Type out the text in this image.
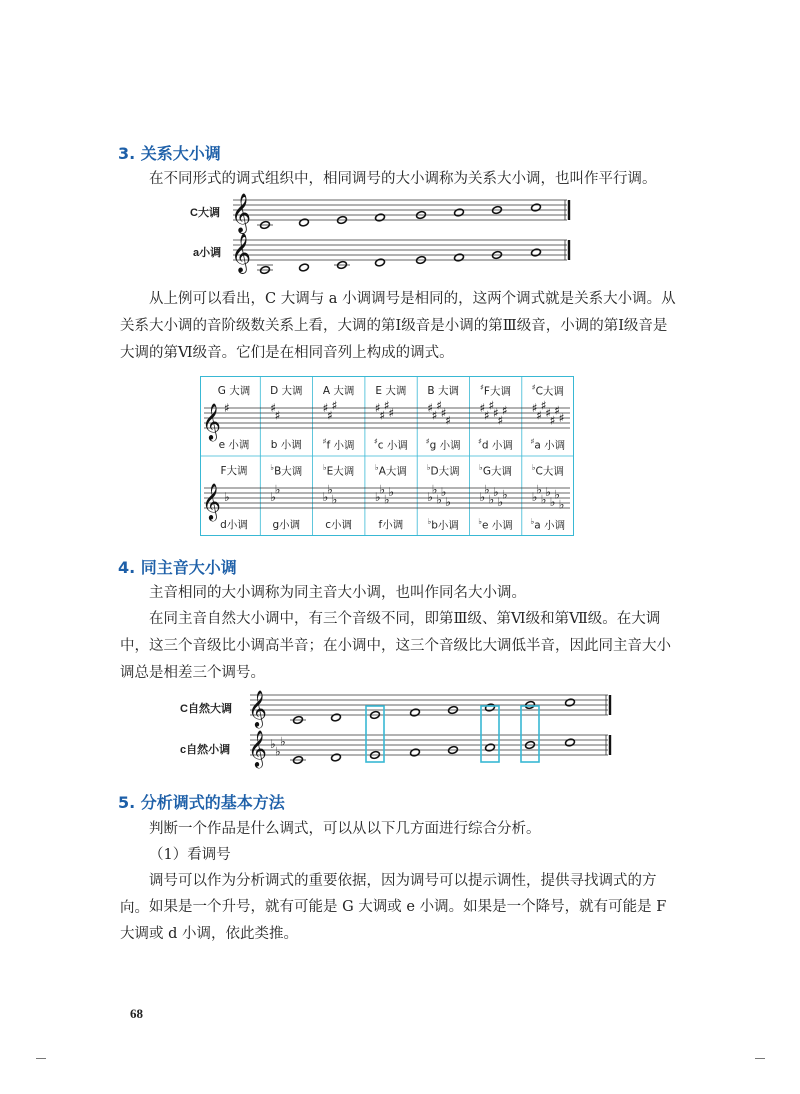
3. 关系大小调
在不同形式的调式组织中，相同调号的大小调称为关系大小调，也叫作平行调。
C大调
a小调
𝄞
𝄞
从上例可以看出，C 大调与 a 小调调号是相同的，这两个调式就是关系大小调。从关系大小调的音阶级数关系上看，大调的第Ⅰ级音是小调的第Ⅲ级音，小调的第Ⅰ级音是大调的第Ⅵ级音。它们是在相同音列上构成的调式。
𝄞
𝄞
♯
♭
♯
♭
♯
♭
♯
♭
♯
♭
♯
♭
♯
♭
♯
♭
♯
♭
♯
♭
♯
♭
♯
♭
♯
♭
♯
♭
♯
♭
♯
♭
♯
♭
♯
♭
♯
♭
♯
♭
♯
♭
♯
♭
♯
♭
♯
♭
♯
♭
♯
♭
♯
♭
♯
♭
G 大调	D 大调	A 大调	E 大调	B 大调	♯F大调	♯C大调
e 小调	b 小调	♯f 小调	♯c 小调	♯g 小调	♯d 小调	♯a 小调
F大调	♭B大调	♭E大调	♭A大调	♭D大调	♭G大调	♭C大调
d小调	g小调	c小调	f小调	♭b小调	♭e 小调	♭a 小调
4. 同主音大小调
主音相同的大小调称为同主音大小调，也叫作同名大小调。
在同主音自然大小调中，有三个音级不同，即第Ⅲ级、第Ⅵ级和第Ⅶ级。在大调中，这三个音级比小调高半音；在小调中，这三个音级比大调低半音，因此同主音大小调总是相差三个调号。
C自然大调
c自然小调
𝄞
𝄞 ♭
♭
♭
5. 分析调式的基本方法
判断一个作品是什么调式，可以从以下几方面进行综合分析。
（1）看调号
调号可以作为分析调式的重要依据，因为调号可以提示调性，提供寻找调式的方向。 如果是一个升号，就有可能是 G 大调或 e 小调。如果是一个降号，就有可能是 F 大调或 d 小调，依此类推。
68
